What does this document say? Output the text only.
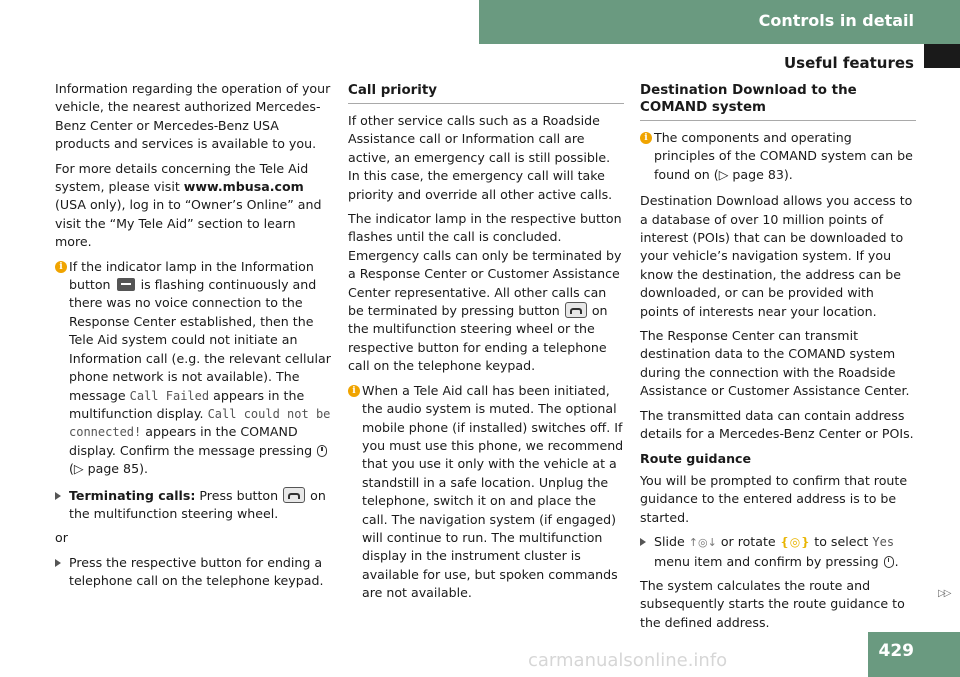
Controls in detail
Useful features

Information regarding the operation of your vehicle, the nearest authorized Mercedes-Benz Center or Mercedes-Benz USA products and services is available to you.

For more details concerning the Tele Aid system, please visit www.mbusa.com (USA only), log in to “Owner’s Online” and visit the “My Tele Aid” section to learn more.

i If the indicator lamp in the Information button is flashing continuously and there was no voice connection to the Response Center established, then the Tele Aid system could not initiate an Information call (e.g. the relevant cellular phone network is not available). The message Call Failed appears in the multifunction display. Call could not be connected! appears in the COMAND display. Confirm the message pressing
(▷ page 85).
Terminating calls: Press button	on the multifunction steering wheel.

or

Press the respective button for ending a telephone call on the telephone keypad.
Call priority

If other service calls such as a Roadside Assistance call or Information call are active, an emergency call is still possible. In this case, the emergency call will take priority and override all other active calls.

The indicator lamp in the respective button flashes until the call is concluded. Emergency calls can only be terminated by a Response Center or Customer Assistance Center representative. All other calls can be terminated by pressing button	on the multifunction steering wheel or the respective button for ending a telephone call on the telephone keypad.

i When a Tele Aid call has been initiated, the audio system is muted. The optional mobile phone (if installed) switches off. If you must use this phone, we recommend that you use it only with the vehicle at a standstill in a safe location. Unplug the telephone, switch it on and place the call. The navigation system (if engaged) will continue to run. The multifunction display in the instrument cluster is available for use, but spoken commands are not available.
Destination Download to the COMAND system
i The components and operating principles of the COMAND system can be found on (▷ page 83).

Destination Download allows you access to a database of over 10 million points of interest (POIs) that can be downloaded to your vehicle’s navigation system. If you know the destination, the address can be downloaded, or can be provided with points of interests near your location.

The Response Center can transmit destination data to the COMAND system during the connection with the Roadside Assistance or Customer Assistance Center.

The transmitted data can contain address details for a Mercedes-Benz Center or POIs.

Route guidance

You will be prompted to confirm that route guidance to the entered address is to be started.

Slide ↑◎↓ or rotate ❴◎❵ to select Yes menu item and confirm by pressing .

The system calculates the route and subsequently starts the route guidance to the defined address.

▷▷
429
carmanualsonline.info
